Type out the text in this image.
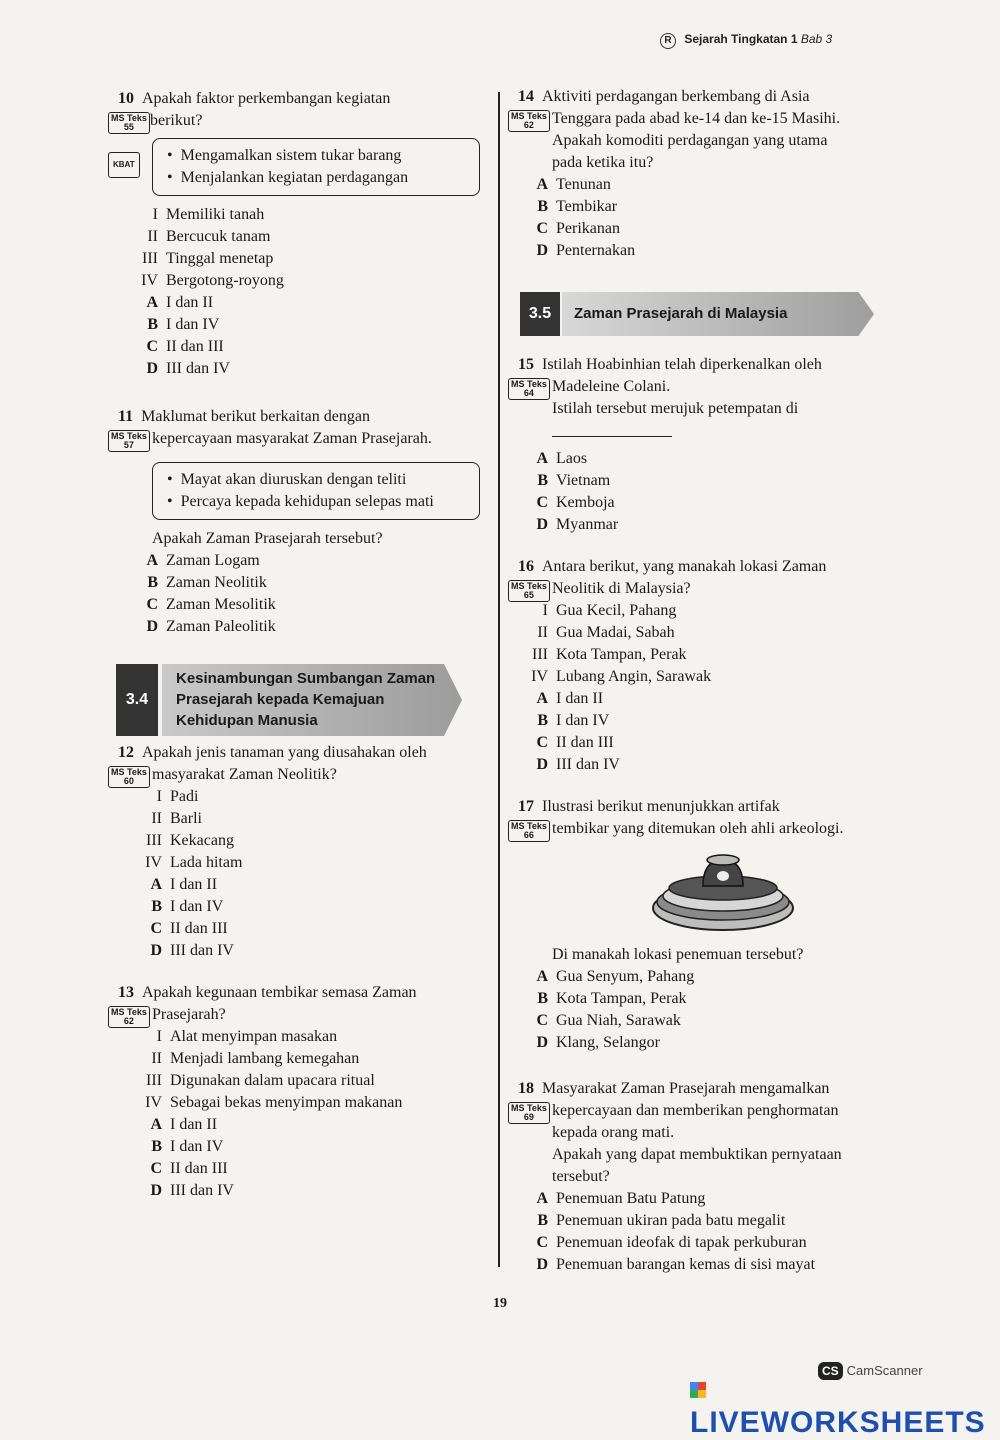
R Sejarah Tingkatan 1 Bab 3
10 Apakah faktor perkembangan kegiatan
MS Teks
55	berikut?
KBAT
• Mengamalkan sistem tukar barang
• Menjalankan kegiatan perdagangan
I Memiliki tanah
II Bercucuk tanam
III Tinggal menetap
IV Bergotong-royong
A I dan II
B I dan IV
C II dan III
D III dan IV
11 Maklumat berikut berkaitan dengan
MS Teks
57	kepercayaan masyarakat Zaman Prasejarah.
• Mayat akan diuruskan dengan teliti
• Percaya kepada kehidupan selepas mati
Apakah Zaman Prasejarah tersebut?
A Zaman Logam
B Zaman Neolitik
C Zaman Mesolitik
D Zaman Paleolitik
3.4
Kesinambungan Sumbangan Zaman
Prasejarah kepada Kemajuan
Kehidupan Manusia
12 Apakah jenis tanaman yang diusahakan oleh
MS Teks
60	masyarakat Zaman Neolitik?
I Padi
II Barli
III Kekacang
IV Lada hitam
A I dan II
B I dan IV
C II dan III
D III dan IV
13 Apakah kegunaan tembikar semasa Zaman
MS Teks
62	Prasejarah?
I Alat menyimpan masakan
II Menjadi lambang kemegahan
III Digunakan dalam upacara ritual
IV Sebagai bekas menyimpan makanan
A I dan II
B I dan IV
C II dan III
D III dan IV
14 Aktiviti perdagangan berkembang di Asia
MS Teks
62	Tenggara pada abad ke-14 dan ke-15 Masihi.
Apakah komoditi perdagangan yang utama
pada ketika itu?
A Tenunan
B Tembikar
C Perikanan
D Penternakan
3.5	Zaman Prasejarah di Malaysia
15 Istilah Hoabinhian telah diperkenalkan oleh
MS Teks
64	Madeleine Colani.
Istilah tersebut merujuk petempatan di
A Laos
B Vietnam
C Kemboja
D Myanmar
16 Antara berikut, yang manakah lokasi Zaman
MS Teks
65	Neolitik di Malaysia?
I Gua Kecil, Pahang
II Gua Madai, Sabah
III Kota Tampan, Perak
IV Lubang Angin, Sarawak
A I dan II
B I dan IV
C II dan III
D III dan IV
17 Ilustrasi berikut menunjukkan artifak
MS Teks
66	tembikar yang ditemukan oleh ahli arkeologi.
Di manakah lokasi penemuan tersebut?
A Gua Senyum, Pahang
B Kota Tampan, Perak
C Gua Niah, Sarawak
D Klang, Selangor
18 Masyarakat Zaman Prasejarah mengamalkan
MS Teks
69	kepercayaan dan memberikan penghormatan
kepada orang mati.
Apakah yang dapat membuktikan pernyataan
tersebut?
A Penemuan Batu Patung
B Penemuan ukiran pada batu megalit
C Penemuan ideofak di tapak perkuburan
D Penemuan barangan kemas di sisi mayat
19
CS CamScanner
LIVEWORKSHEETS
